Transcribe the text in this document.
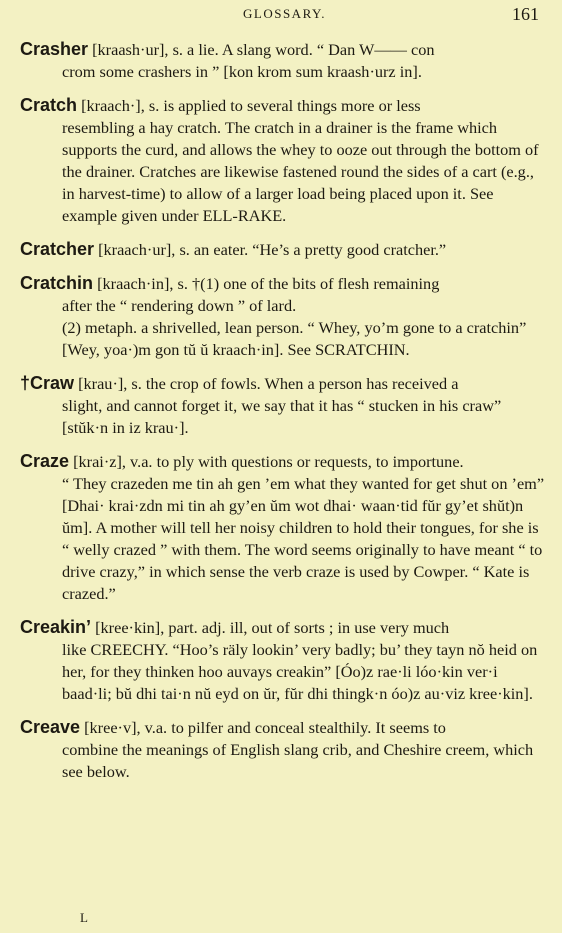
GLOSSARY.	161

Crasher [kraash·ur], s. a lie. A slang word. “ Dan W—— con

crom some crashers in ” [kon krom sum kraash·urz in].

Cratch [kraach·], s. is applied to several things more or less

resembling a hay cratch. The cratch in a drainer is the frame which supports the curd, and allows the whey to ooze out through the bottom of the drainer. Cratches are likewise fastened round the sides of a cart (e.g., in harvest-time) to allow of a larger load being placed upon it. See example given under ELL-RAKE.

Cratcher [kraach·ur], s. an eater. “He’s a pretty good cratcher.”

Cratchin [kraach·in], s. †(1) one of the bits of flesh remaining

after the “ rendering down ” of lard.

(2) metaph. a shrivelled, lean person. “ Whey, yo’m gone to a cratchin” [Wey, yoa·)m gon tŭ ŭ kraach·in]. See SCRATCHIN.

†Craw [krau·], s. the crop of fowls. When a person has received a

slight, and cannot forget it, we say that it has “ stucken in his craw” [stŭk·n in iz krau·].

Craze [krai·z], v.a. to ply with questions or requests, to importune.

“ They crazeden me tin ah gen ’em what they wanted for get shut on ’em” [Dhai· krai·zdn mi tin ah gy’en ŭm wot dhai· waan·tid fŭr gy’et shŭt)n ŭm]. A mother will tell her noisy children to hold their tongues, for she is “ welly crazed ” with them. The word seems originally to have meant “ to drive crazy,” in which sense the verb craze is used by Cowper. “ Kate is crazed.”

Creakin’ [kree·kin], part. adj. ill, out of sorts ; in use very much

like CREECHY. “Hoo’s räly lookin’ very badly; bu’ they tayn nŏ heid on her, for they thinken hoo auvays creakin” [Óo)z rae·li lóo·kin ver·i baad·li; bŭ dhi tai·n nŭ eyd on ŭr, fŭr dhi thingk·n óo)z au·viz kree·kin].

Creave [kree·v], v.a. to pilfer and conceal stealthily. It seems to

combine the meanings of English slang crib, and Cheshire creem, which see below.

L
